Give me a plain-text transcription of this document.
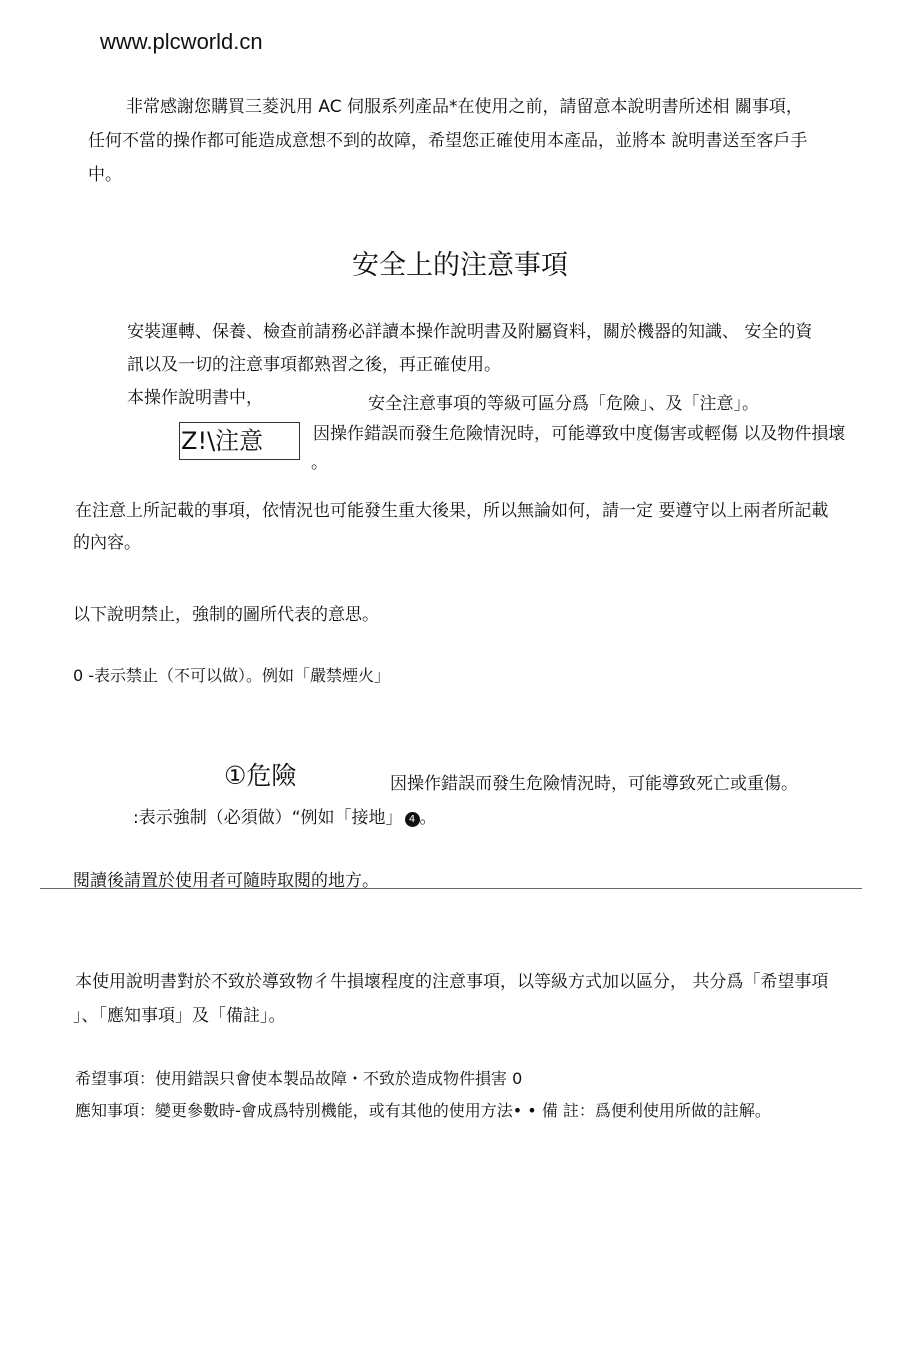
www.plcworld.cn
非常感謝您購買三菱汎用 AC 伺服系列產品*在使用之前，請留意本說明書所述相 關事項，
任何不當的操作都可能造成意想不到的故障，希望您正確使用本產品，並將本 說明書送至客戶手
中。
安全上的注意事項
安裝運轉、保養、檢查前請務必詳讀本操作說明書及附屬資料，關於機器的知識、 安全的資
訊以及一切的注意事項都熟習之後，再正確使用。
本操作說明書中，	安全注意事項的等級可區分爲「危險」、及「注意」。
Z!\注意	因操作錯誤而發生危險情況時，可能導致中度傷害或輕傷 以及物件損壞
。
在注意上所記載的事項，依情況也可能發生重大後果，所以無論如何，請一定 要遵守以上兩者所記載
的內容。
以下說明禁止，強制的圖所代表的意思。
0 -表示禁止（不可以做）。例如「嚴禁煙火」
①危險	因操作錯誤而發生危險情況時，可能導致死亡或重傷。
:表示強制（必須做）“例如「接地」 4 。
閱讀後請置於使用者可隨時取閱的地方。
本使用說明書對於不致於導致物彳牛損壞程度的注意事項，以等級方式加以區分， 共分爲「希望事項
」、「應知事項」及「備註」。
希望事項：使用錯誤只會使本製品故障・不致於造成物件損害 0
應知事項：變更參數時-會成爲特別機能，或有其他的使用方法• • 備 註：爲便利使用所做的註解。
